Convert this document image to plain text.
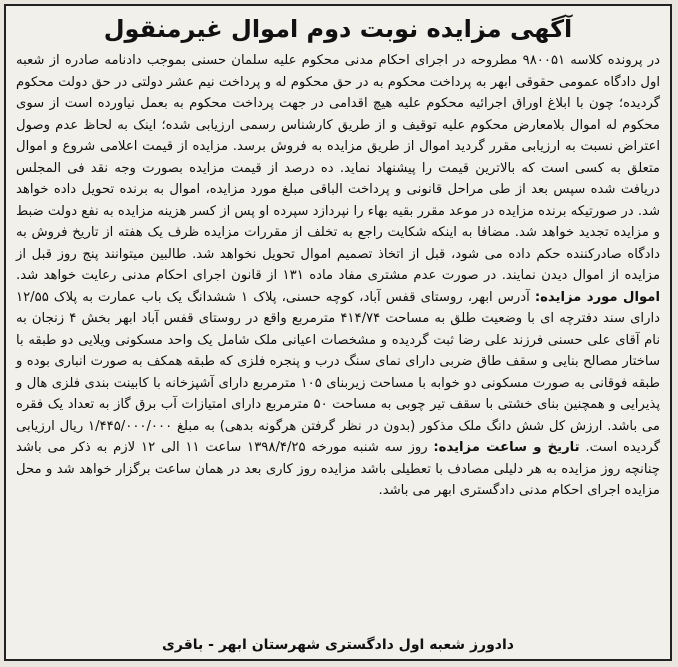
آگهی مزایده نوبت دوم اموال غیرمنقول
در پرونده کلاسه ۹۸۰۰۵۱ مطروحه در اجرای احکام مدنی محکوم علیه سلمان حسنی بموجب دادنامه صادره از شعبه اول دادگاه عمومی حقوقی ابهر به پرداخت محکوم به در حق محکوم له و پرداخت نیم عشر دولتی در حق دولت محکوم گردیده؛ چون با ابلاغ اوراق اجرائیه محکوم علیه هیچ اقدامی در جهت پرداخت محکوم به بعمل نیاورده است از سوی محکوم له اموال بلامعارض محکوم علیه توقیف و از طریق کارشناس رسمی ارزیابی شده؛ اینک به لحاظ عدم وصول اعتراض نسبت به ارزیابی مقرر گردید اموال از طریق مزایده به فروش برسد. مزایده از قیمت اعلامی شروع و اموال متعلق به کسی است که بالاترین قیمت را پیشنهاد نماید. ده درصد از قیمت مزایده بصورت وجه نقد فی المجلس دریافت شده سپس بعد از طی مراحل قانونی و پرداخت الباقی مبلغ مورد مزایده، اموال به برنده تحویل داده خواهد شد. در صورتیکه برنده مزایده در موعد مقرر بقیه بهاء را نپردازد سپرده او پس از کسر هزینه مزایده به نفع دولت ضبط و مزایده تجدید خواهد شد. مضافا به اینکه شکایت راجع به تخلف از مقررات مزایده ظرف یک هفته از تاریخ فروش به دادگاه صادرکننده حکم داده می شود، قبل از اتخاذ تصمیم اموال تحویل نخواهد شد. طالبین میتوانند پنج روز قبل از مزایده از اموال دیدن نمایند. در صورت عدم مشتری مفاد ماده ۱۳۱ از قانون اجرای احکام مدنی رعایت خواهد شد. اموال مورد مزایده: آدرس ابهر، روستای قفس آباد، کوچه حسنی، پلاک ۱ ششدانگ یک باب عمارت به پلاک ۱۲/۵۵ دارای سند دفترچه ای با وضعیت طلق به مساحت ۴۱۴/۷۴ مترمربع واقع در روستای قفس آباد ابهر بخش ۴ زنجان به نام آقای علی حسنی فرزند علی رضا ثبت گردیده و مشخصات اعیانی ملک شامل یک واحد مسکونی ویلایی دو طبقه با ساختار مصالح بنایی و سقف طاق ضربی دارای نمای سنگ درب و پنجره فلزی که طبقه همکف به صورت انباری بوده و طبقه فوقانی به صورت مسکونی دو خوابه با مساحت زیربنای ۱۰۵ مترمربع دارای آشپزخانه با کابینت بندی فلزی هال و پذیرایی و همچنین بنای خشتی با سقف تیر چوبی به مساحت ۵۰ مترمربع دارای امتیازات آب برق گاز به تعداد یک فقره می باشد. ارزش کل شش دانگ ملک مذکور (بدون در نظر گرفتن هرگونه بدهی) به مبلغ ۱/۴۴۵/۰۰۰/۰۰۰ ریال ارزیابی گردیده است. تاریخ و ساعت مزایده: روز سه شنبه مورخه ۱۳۹۸/۴/۲۵ ساعت ۱۱ الی ۱۲ لازم به ذکر می باشد چنانچه روز مزایده به هر دلیلی مصادف با تعطیلی باشد مزایده روز کاری بعد در همان ساعت برگزار خواهد شد و محل مزایده اجرای احکام مدنی دادگستری ابهر می باشد.
دادورز شعبه اول دادگستری شهرستان ابهر - باقری
